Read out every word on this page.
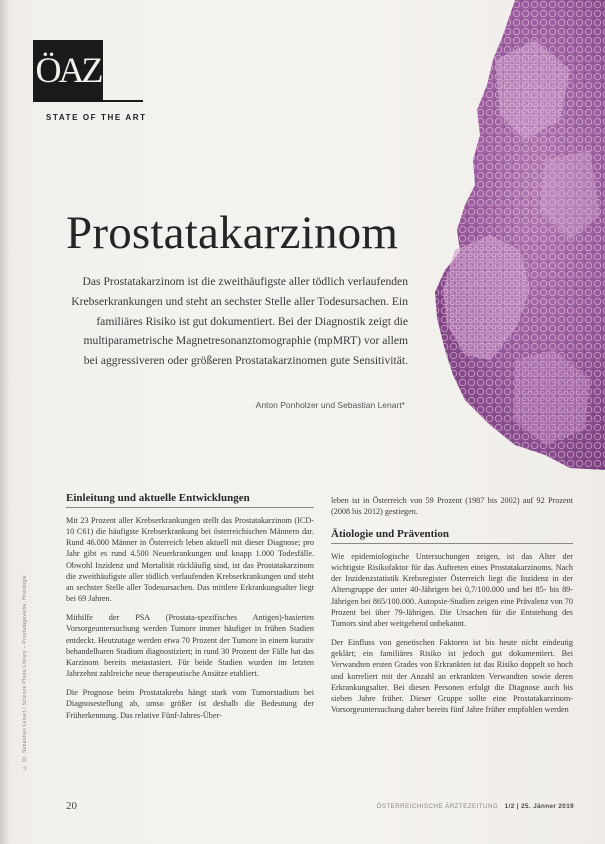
ÖAZ
STATE OF THE ART
Prostatakarzinom
Das Prostatakarzinom ist die zweithäufigste aller tödlich verlaufenden Krebserkrankungen und steht an sechster Stelle aller Todesursachen. Ein familiäres Risiko ist gut dokumentiert. Bei der Diagnostik zeigt die multiparametrische Magnetresonanztomographie (mpMRT) vor allem bei aggressiveren oder größeren Prostatakarzinomen gute Sensitivität.
Anton Ponholzer und Sebastian Lenart*
Einleitung und aktuelle Entwicklungen

Mit 23 Prozent aller Krebserkrankungen stellt das Prostatakarzinom (ICD-10 C61) die häufigste Krebserkrankung bei österreichischen Männern dar. Rund 46.000 Männer in Österreich leben aktuell mit dieser Diagnose; pro Jahr gibt es rund 4.500 Neuerkrankungen und knapp 1.000 Todesfälle. Obwohl Inzidenz und Mortalität rückläufig sind, ist das Prostatakarzinom die zweithäufigste aller tödlich verlaufenden Krebserkrankungen und steht an sechster Stelle aller Todesursachen. Das mittlere Erkrankungsalter liegt bei 69 Jahren.

Mithilfe der PSA (Prostata-spezifisches Antigen)-basierten Vorsorgeuntersuchung werden Tumore immer häufiger in frühen Stadien entdeckt. Heutzutage werden etwa 70 Prozent der Tumore in einem kurativ behandelbaren Stadium diagnostiziert; in rund 30 Prozent der Fälle hat das Karzinom bereits metastasiert. Für beide Stadien wurden im letzten Jahrzehnt zahlreiche neue therapeutische Ansätze etabliert.

Die Prognose beim Prostatakrebs hängt stark vom Tumorstadium bei Diagnosestellung ab, umso größer ist deshalb die Bedeutung der Früherkennung. Das relative Fünf-Jahres-Über-

leben ist in Österreich von 59 Prozent (1987 bis 2002) auf 92 Prozent (2008 bis 2012) gestiegen.

Ätiologie und Prävention

Wie epidemiologische Untersuchungen zeigen, ist das Alter der wichtigste Risikofaktor für das Auftreten eines Prostatakarzinoms. Nach der Inzidenzstatistik Krebsregister Österreich liegt die Inzidenz in der Altersgruppe der unter 40-Jährigen bei 0,7/100.000 und bei 85- bis 89-Jährigen bei 865/100.000. Autopsie-Studien zeigen eine Prävalenz von 70 Prozent bei über 79-Jährigen. Die Ursachen für die Entstehung des Tumors sind aber weitgehend unbekannt.

Der Einfluss von genetischen Faktoren ist bis heute nicht eindeutig geklärt; ein familiäres Risiko ist jedoch gut dokumentiert. Bei Verwandten ersten Grades von Erkrankten ist das Risiko doppelt so hoch und korreliert mit der Anzahl an erkrankten Verwandten sowie deren Erkrankungsalter. Bei diesen Personen erfolgt die Diagnose auch bis sieben Jahre früher. Dieser Gruppe sollte eine Prostatakarzinom-Vorsorgeuntersuchung daher bereits fünf Jahre früher empfohlen werden

© Dr. Sebastian Lenart / Science Photo Library – Prostatagewebe, Histologie
20	ÖSTERREICHISCHE ÄRZTEZEITUNG 1/2 | 25. Jänner 2019
